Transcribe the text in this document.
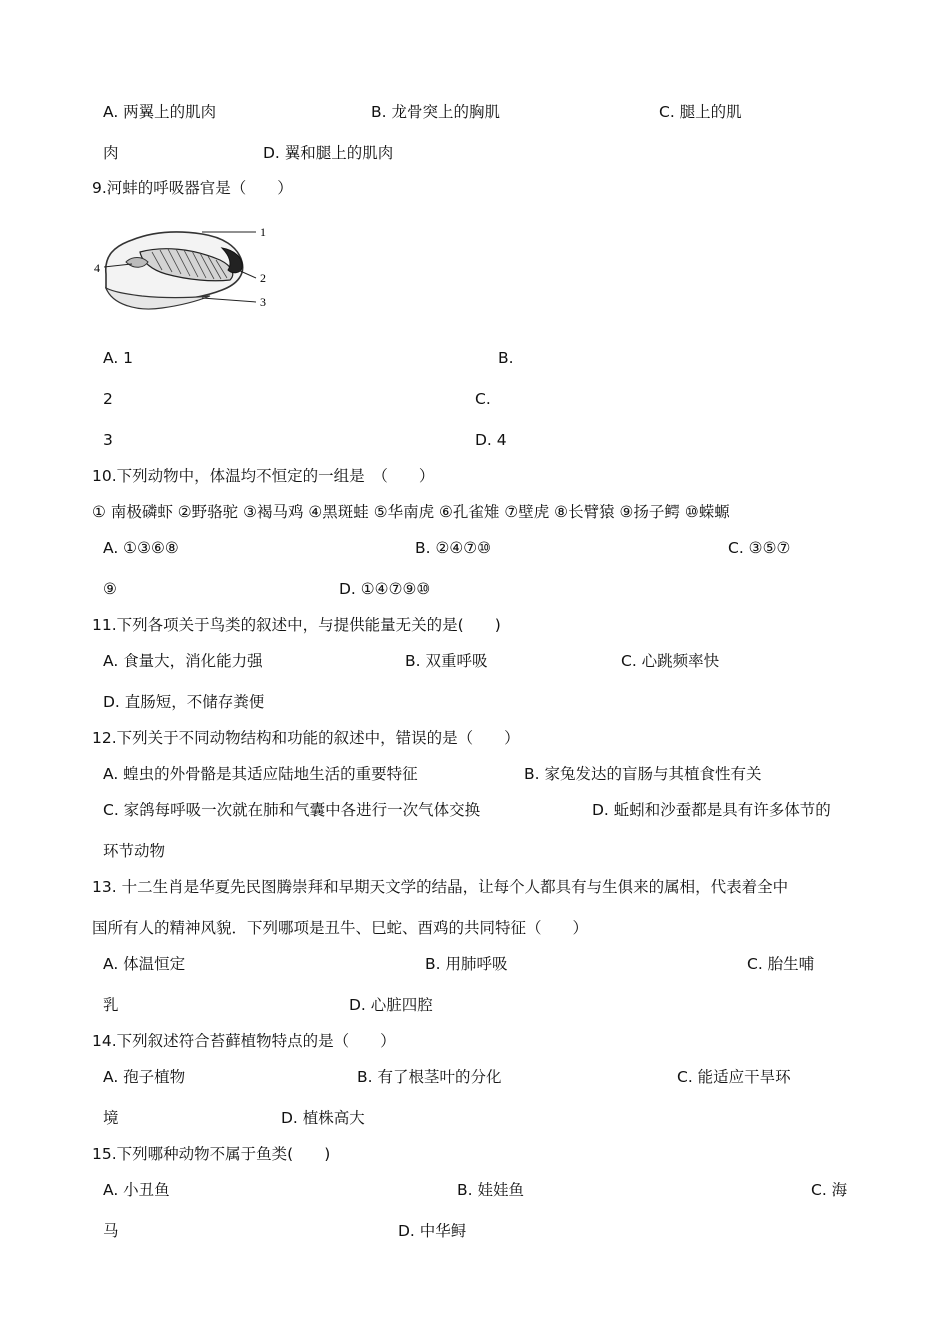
A. 两翼上的肌肉	B. 龙骨突上的胸肌	C. 腿上的肌
肉	D. 翼和腿上的肌肉
9.河蚌的呼吸器官是（　　）
1
2
3
4
A. 1	B.
2	C.
3	D. 4
10.下列动物中，体温均不恒定的一组是　（　　）
① 南极磷虾 ②野骆驼 ③褐马鸡 ④黑斑蛙 ⑤华南虎 ⑥孔雀雉 ⑦壁虎 ⑧长臂猿 ⑨扬子鳄 ⑩蝾螈
A. ①③⑥⑧	B. ②④⑦⑩	C. ③⑤⑦
⑨	D. ①④⑦⑨⑩
11.下列各项关于鸟类的叙述中，与提供能量无关的是(　　)
A. 食量大，消化能力强	B. 双重呼吸	C. 心跳频率快
D. 直肠短，不储存粪便
12.下列关于不同动物结构和功能的叙述中，错误的是（　　）
A. 蝗虫的外骨骼是其适应陆地生活的重要特征	B. 家兔发达的盲肠与其植食性有关
C. 家鸽每呼吸一次就在肺和气囊中各进行一次气体交换	D. 蚯蚓和沙蚕都是具有许多体节的
环节动物
13. 十二生肖是华夏先民图腾崇拜和早期天文学的结晶，让每个人都具有与生俱来的属相，代表着全中
国所有人的精神风貌．下列哪项是丑牛、巳蛇、酉鸡的共同特征（　　）
A. 体温恒定	B. 用肺呼吸	C. 胎生哺
乳	D. 心脏四腔
14.下列叙述符合苔藓植物特点的是（　　）
A. 孢子植物	B. 有了根茎叶的分化	C. 能适应干旱环
境	D. 植株高大
15.下列哪种动物不属于鱼类(　　)
A. 小丑鱼	B. 娃娃鱼	C. 海
马	D. 中华鲟
